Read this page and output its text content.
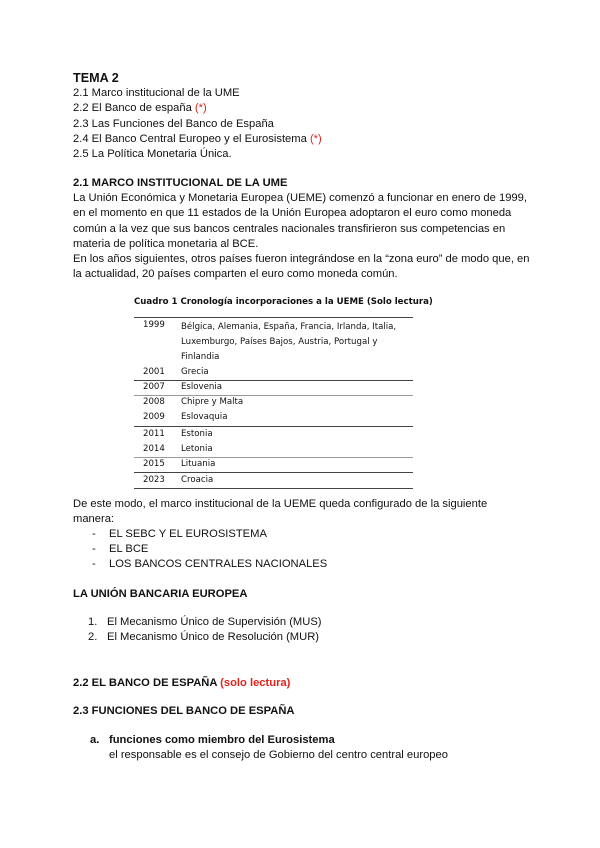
TEMA 2
2.1 Marco institucional de la UME
2.2 El Banco de españa (*)
2.3 Las Funciones del Banco de España
2.4 El Banco Central Europeo y el Eurosistema (*)
2.5 La Política Monetaria Única.
2.1 MARCO INSTITUCIONAL DE LA UME
La Unión Económica y Monetaria Europea (UEME) comenzó a funcionar en enero de 1999,
en el momento en que 11 estados de la Unión Europea adoptaron el euro como moneda
común a la vez que sus bancos centrales nacionales transfirieron sus competencias en
materia de política monetaria al BCE.
En los años siguientes, otros países fueron integrándose en la “zona euro” de modo que, en
la actualidad, 20 países comparten el euro como moneda común.
Cuadro 1 Cronología incorporaciones a la UEME (Solo lectura)
1999 Bélgica, Alemania, España, Francia, Irlanda, Italia,
Luxemburgo, Países Bajos, Austria, Portugal y
Finlandia
2001 Grecia
2007 Eslovenia
2008 Chipre y Malta
2009 Eslovaquia
2011 Estonia
2014 Letonia
2015 Lituania
2023 Croacia
De este modo, el marco institucional de la UEME queda configurado de la siguiente
manera:
- EL SEBC Y EL EUROSISTEMA
- EL BCE
- LOS BANCOS CENTRALES NACIONALES
LA UNIÓN BANCARIA EUROPEA
1. El Mecanismo Único de Supervisión (MUS)
2. El Mecanismo Único de Resolución (MUR)
2.2 EL BANCO DE ESPAÑA (solo lectura)
2.3 FUNCIONES DEL BANCO DE ESPAÑA
a. funciones como miembro del Eurosistema
el responsable es el consejo de Gobierno del centro central europeo
